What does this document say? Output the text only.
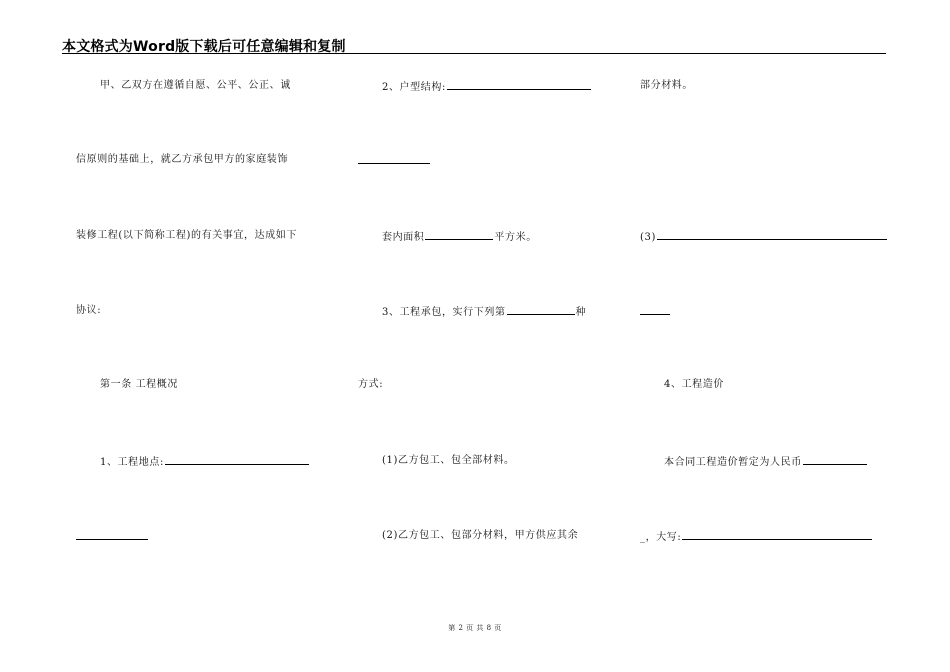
本文格式为Word版下载后可任意编辑和复制
甲、乙双方在遵循自愿、公平、公正、诚
信原则的基础上，就乙方承包甲方的家庭装饰
装修工程(以下简称工程)的有关事宜，达成如下
协议:
第一条 工程概况
1、工程地点:
2、户型结构:
套内面积	平方米。
3、工程承包，实行下列第	种
方式:
(1)乙方包工、包全部材料。
(2)乙方包工、包部分材料，甲方供应其余
部分材料。
(3)
4、工程造价
本合同工程造价暂定为人民币
_，大写:
第 2 页 共 8 页
